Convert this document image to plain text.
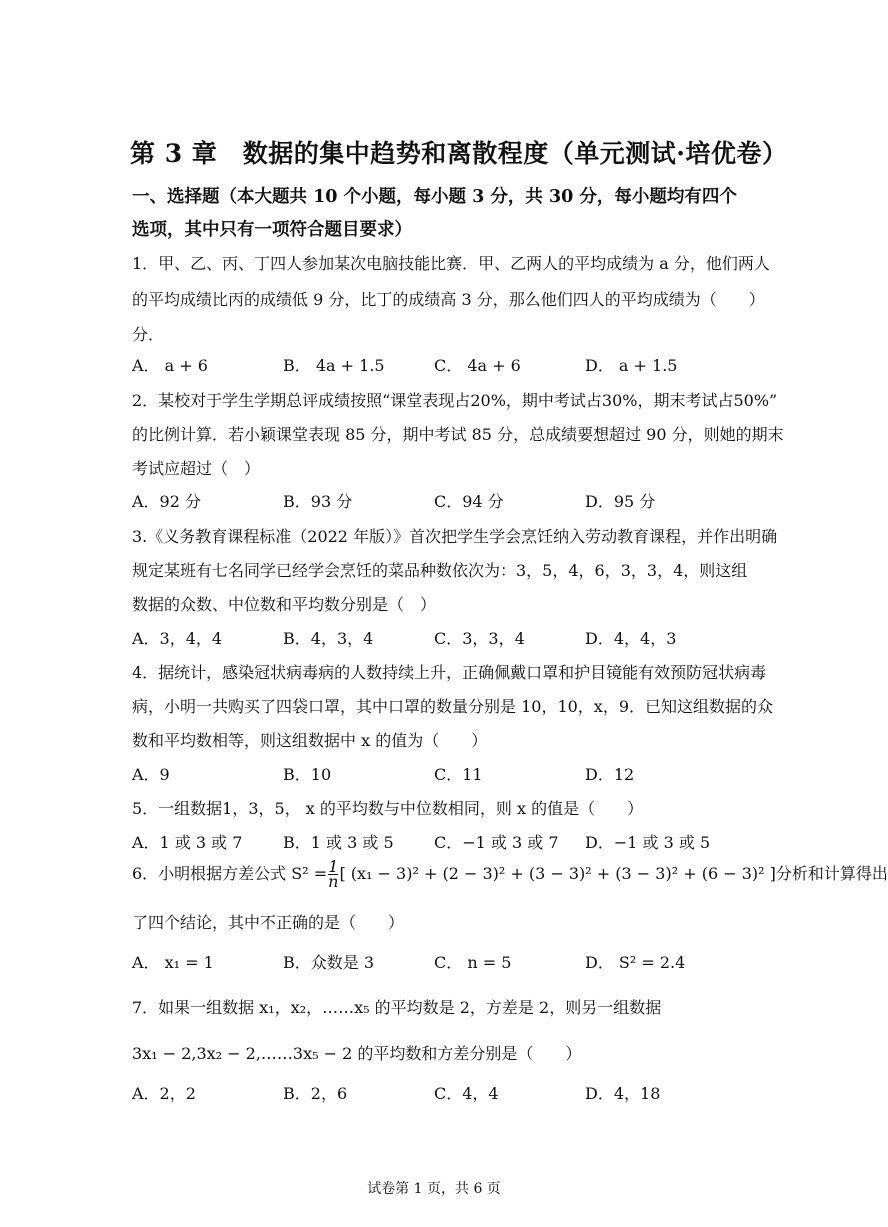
第 3 章　数据的集中趋势和离散程度（单元测试·培优卷）
一、选择题（本大题共 10 个小题，每小题 3 分，共 30 分，每小题均有四个选项，其中只有一项符合题目要求）
1．甲、乙、丙、丁四人参加某次电脑技能比赛．甲、乙两人的平均成绩为 a 分，他们两人
的平均成绩比丙的成绩低 9 分，比丁的成绩高 3 分，那么他们四人的平均成绩为（　　）
分．
A． a + 6	B． 4a + 1.5	C． 4a + 6	D． a + 1.5
2．某校对于学生学期总评成绩按照“课堂表现占20%，期中考试占30%，期末考试占50%”
的比例计算．若小颖课堂表现 85 分，期中考试 85 分，总成绩要想超过 90 分，则她的期末
考试应超过（　）
A．92 分	B．93 分	C．94 分	D．95 分
3.《义务教育课程标准（2022 年版）》首次把学生学会烹饪纳入劳动教育课程，并作出明确
规定某班有七名同学已经学会烹饪的菜品种数依次为：3，5，4，6，3，3，4，则这组
数据的众数、中位数和平均数分别是（　）
A．3，4，4	B．4，3，4	C．3，3，4	D．4，4，3
4．据统计，感染冠状病毒病的人数持续上升，正确佩戴口罩和护目镜能有效预防冠状病毒
病，小明一共购买了四袋口罩，其中口罩的数量分别是 10，10，x，9．已知这组数据的众
数和平均数相等，则这组数据中 x 的值为（　　）
A．9	B．10	C．11	D．12
5．一组数据1，3，5， x 的平均数与中位数相同，则 x 的值是（　　）
A．1 或 3 或 7	B．1 或 3 或 5	C．−1 或 3 或 7 D．−1 或 3 或 5
6．小明根据方差公式 $S^2 = \frac{1}{n}$ [ (x₁ − 3)² + (2 − 3)² + (3 − 3)² + (3 − 3)² + (6 − 3)² ]分析和计算得出
了四个结论，其中不正确的是（　　）
A． x₁ = 1	B．众数是 3	C． n = 5	D． S² = 2.4
7．如果一组数据 x₁，x₂，……x₅ 的平均数是 2，方差是 2，则另一组数据
3x₁ − 2,3x₂ − 2,……3x₅ − 2 的平均数和方差分别是（　　）
A．2，2	B．2，6	C．4，4	D．4，18
试卷第 1 页，共 6 页
